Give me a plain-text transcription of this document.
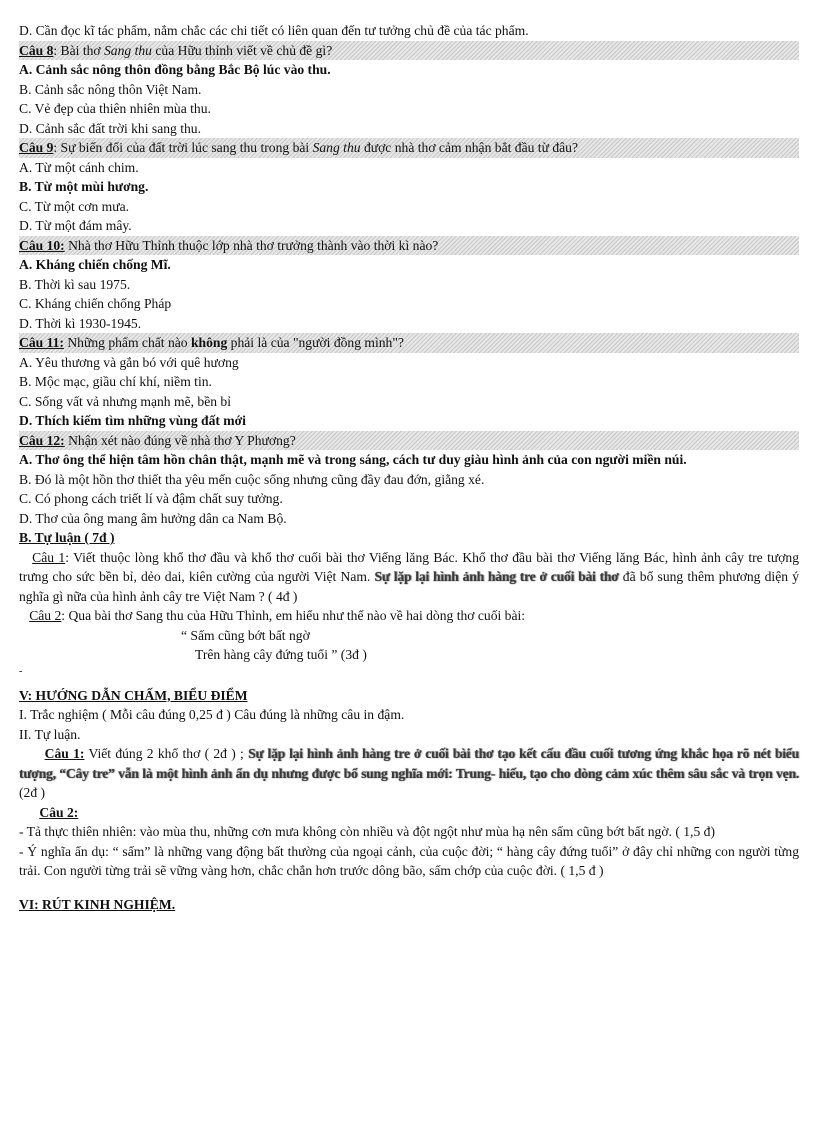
D. Cần đọc kĩ tác phẩm, nắm chắc các chi tiết có liên quan đến tư tưởng chủ đề của tác phẩm.
Câu 8: Bài thơ Sang thu của Hữu thỉnh viết về chủ đề gì?
A. Cảnh sắc nông thôn đồng bằng Bắc Bộ lúc vào thu.
B. Cảnh sắc nông thôn Việt Nam.
C. Vẻ đẹp của thiên nhiên mùa thu.
D. Cảnh sắc đất trời khi sang thu.
Câu 9: Sự biến đổi của đất trời lúc sang thu trong bài Sang thu được nhà thơ cảm nhận bắt đầu từ đâu?
A. Từ một cánh chim.
B. Từ một mùi hương.
C. Từ một cơn mưa.
D. Từ một đám mây.
Câu 10: Nhà thơ Hữu Thỉnh thuộc lớp nhà thơ trưởng thành vào thời kì nào?
A. Kháng chiến chống Mĩ.
B. Thời kì sau 1975.
C. Kháng chiến chống Pháp
D. Thời kì 1930-1945.
Câu 11: Những phẩm chất nào không phải là của "người đồng mình"?
A. Yêu thương và gắn bó với quê hương
B. Mộc mạc, giầu chí khí, niềm tin.
C. Sống vất vả nhưng mạnh mẽ, bền bỉ
D. Thích kiếm tìm những vùng đất mới
Câu 12: Nhận xét nào đúng về nhà thơ Y Phương?
A. Thơ ông thể hiện tâm hồn chân thật, mạnh mẽ và trong sáng, cách tư duy giàu hình ảnh của con người miền núi.
B. Đó là một hồn thơ thiết tha yêu mến cuộc sống nhưng cũng đầy đau đớn, giằng xé.
C. Có phong cách triết lí và đậm chất suy tưởng.
D. Thơ của ông mang âm hưởng dân ca Nam Bộ.
B. Tự luận ( 7đ )
Câu 1: Viết thuộc lòng khổ thơ đầu và khổ thơ cuối bài thơ Viếng lăng Bác. Khổ thơ đầu bài thơ Viếng lăng Bác, hình ảnh cây tre tượng trưng cho sức bền bỉ, dẻo dai, kiên cường của người Việt Nam. Sự lặp lại hình ảnh hàng tre ở cuối bài thơ đã bổ sung thêm phương diện ý nghĩa gì nữa của hình ảnh cây tre Việt Nam ? ( 4đ )
Câu 2: Qua bài thơ Sang thu của Hữu Thỉnh, em hiểu như thế nào về hai dòng thơ cuối bài:
“ Sấm cũng bớt bất ngờ
Trên hàng cây đứng tuổi ” (3đ )
-
V: HƯỚNG DẪN CHẤM, BIỂU ĐIỂM
I. Trắc nghiệm ( Mỗi câu đúng 0,25 đ ) Câu đúng là những câu in đậm.
II. Tự luận.
Câu 1: Viết đúng 2 khổ thơ ( 2đ ) ; Sự lặp lại hình ảnh hàng tre ở cuối bài thơ tạo kết cấu đầu cuối tương ứng khắc họa rõ nét biểu tượng, “Cây tre” vẫn là một hình ảnh ẩn dụ nhưng được bổ sung nghĩa mới: Trung- hiếu, tạo cho dòng cảm xúc thêm sâu sắc và trọn vẹn. (2đ )
Câu 2:
- Tả thực thiên nhiên: vào mùa thu, những cơn mưa không còn nhiều và đột ngột như mùa hạ nên sấm cũng bớt bất ngờ. ( 1,5 đ)
- Ý nghĩa ẩn dụ: “ sấm” là những vang động bất thường của ngoại cảnh, của cuộc đời; “ hàng cây đứng tuổi” ở đây chỉ những con người từng trải. Con người từng trải sẽ vững vàng hơn, chắc chắn hơn trước dông bão, sấm chớp của cuộc đời. ( 1,5 đ )
VI: RÚT KINH NGHIỆM.
